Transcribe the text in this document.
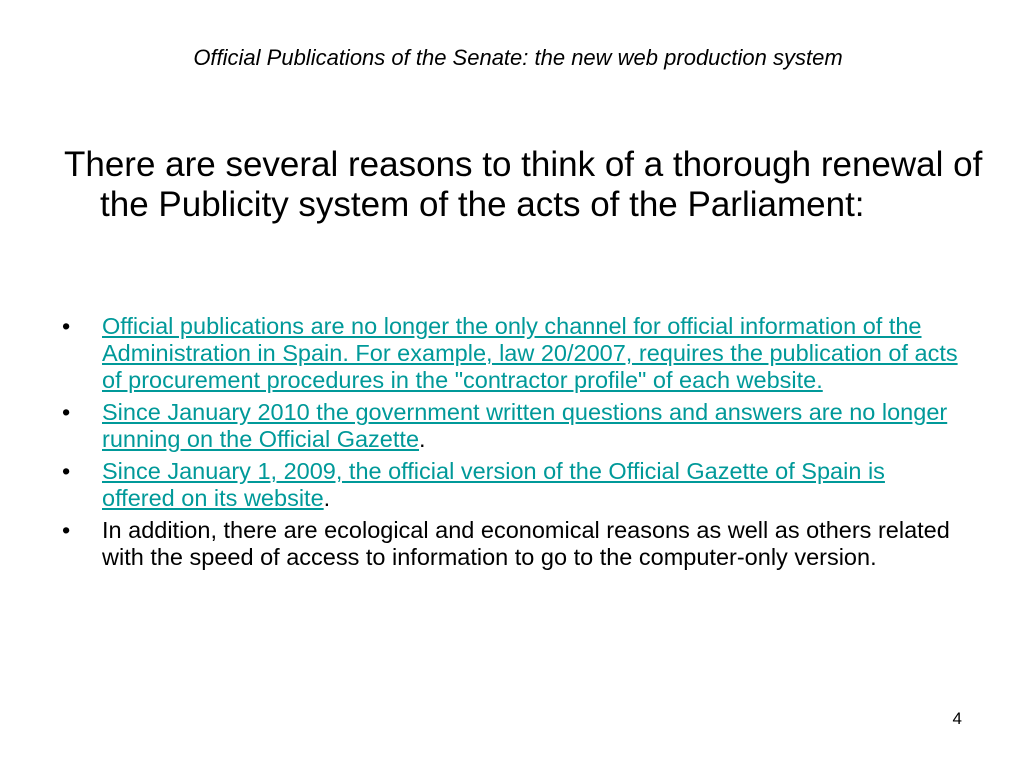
Official Publications of the Senate: the new web production system

There are several reasons to think of a thorough renewal of the Publicity system of the acts of the Parliament:

•	Official publications are no longer the only channel for official information of the Administration in Spain. For example, law 20/2007, requires the publication of acts of procurement procedures in the "contractor profile" of each website.
•	Since January 2010 the government written questions and answers are no longer running on the Official Gazette.
•	Since January 1, 2009, the official version of the Official Gazette of Spain is offered on its website.
•	In addition, there are ecological and economical reasons as well as others related with the speed of access to information to go to the computer-only version.
4
